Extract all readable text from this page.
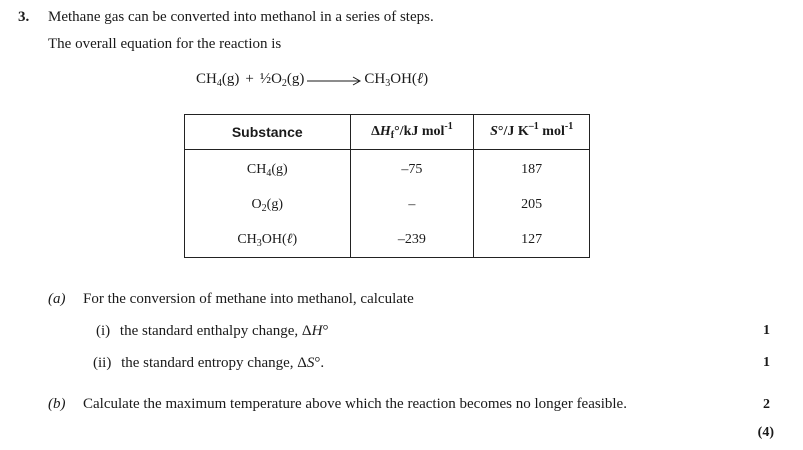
3. Methane gas can be converted into methanol in a series of steps.
The overall equation for the reaction is
$CH_4(g)$ + $\frac{1}{2}O_2(g)$ → $CH_3OH(\ell)$
Substance	$\Delta H_f^\circ/kJ$ mol$^{-1}$	S°/J $K^{-1}$ mol$^{-1}$
$CH_4(g)$	–75	187
$O_2(g)$	–	205
$CH_3OH(\ell)$	–239	127
(a) For the conversion of methane into methanol, calculate
(i) the standard enthalpy change, ΔH°
(ii) the standard entropy change, ΔS°.
(b) Calculate the maximum temperature above which the reaction becomes no longer feasible.
1
1
2
(4)
